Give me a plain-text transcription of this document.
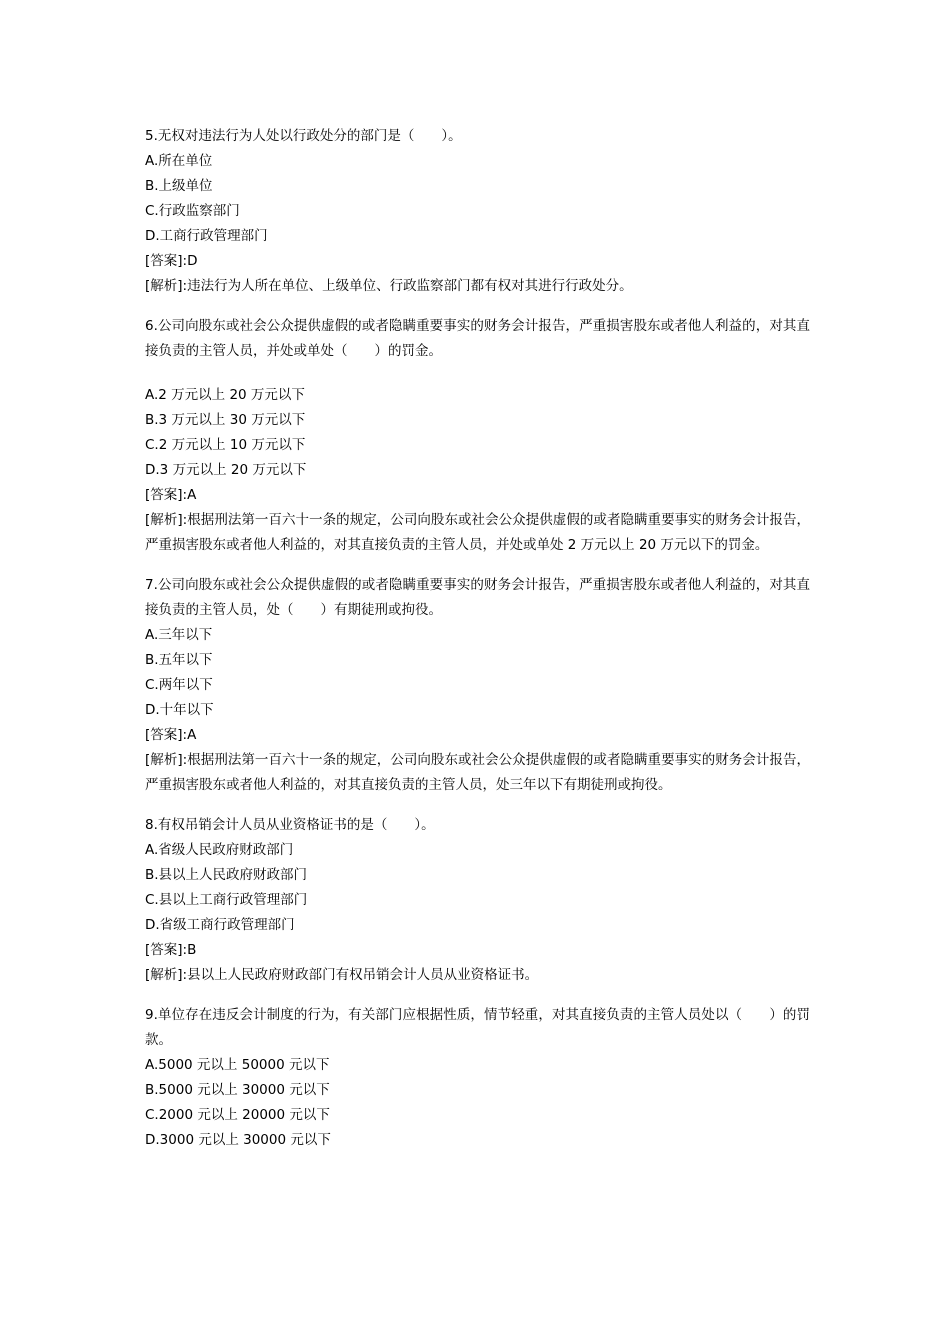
5.无权对违法行为人处以行政处分的部门是（　　）。

A.所在单位

B.上级单位

C.行政监察部门

D.工商行政管理部门

[答案]:D

[解析]:违法行为人所在单位、上级单位、行政监察部门都有权对其进行行政处分。

6.公司向股东或社会公众提供虚假的或者隐瞒重要事实的财务会计报告，严重损害股东或者他人利益的，对其直接负责的主管人员，并处或单处（　　）的罚金。

A.2 万元以上 20 万元以下

B.3 万元以上 30 万元以下

C.2 万元以上 10 万元以下

D.3 万元以上 20 万元以下

[答案]:A

[解析]:根据刑法第一百六十一条的规定，公司向股东或社会公众提供虚假的或者隐瞒重要事实的财务会计报告，严重损害股东或者他人利益的，对其直接负责的主管人员，并处或单处 2 万元以上 20 万元以下的罚金。

7.公司向股东或社会公众提供虚假的或者隐瞒重要事实的财务会计报告，严重损害股东或者他人利益的，对其直接负责的主管人员，处（　　）有期徒刑或拘役。

A.三年以下

B.五年以下

C.两年以下

D.十年以下

[答案]:A

[解析]:根据刑法第一百六十一条的规定，公司向股东或社会公众提供虚假的或者隐瞒重要事实的财务会计报告，严重损害股东或者他人利益的，对其直接负责的主管人员，处三年以下有期徒刑或拘役。

8.有权吊销会计人员从业资格证书的是（　　）。

A.省级人民政府财政部门

B.县以上人民政府财政部门

C.县以上工商行政管理部门

D.省级工商行政管理部门

[答案]:B

[解析]:县以上人民政府财政部门有权吊销会计人员从业资格证书。

9.单位存在违反会计制度的行为，有关部门应根据性质，情节轻重，对其直接负责的主管人员处以（　　）的罚款。

A.5000 元以上 50000 元以下

B.5000 元以上 30000 元以下

C.2000 元以上 20000 元以下

D.3000 元以上 30000 元以下
